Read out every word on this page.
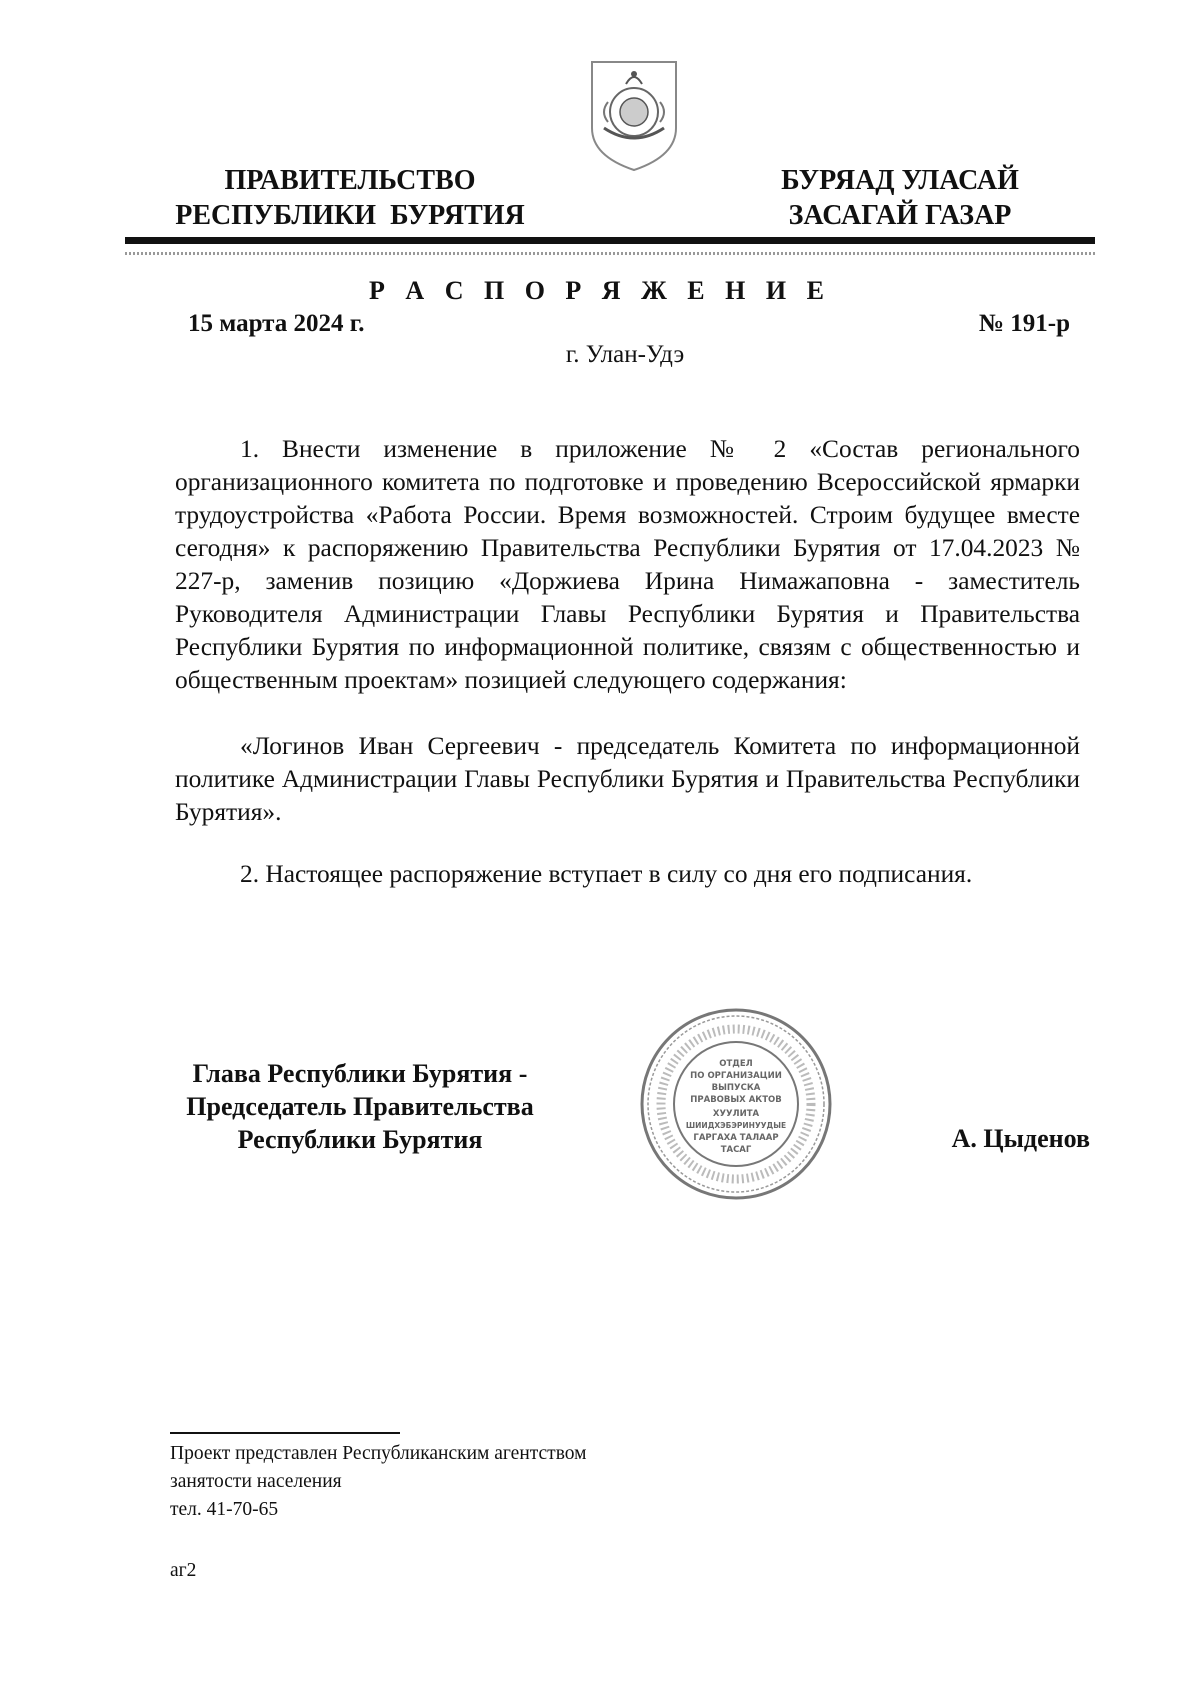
ПРАВИТЕЛЬСТВО
РЕСПУБЛИКИ  БУРЯТИЯ
БУРЯАД УЛАСАЙ
ЗАСАГАЙ ГАЗАР
Р А С П О Р Я Ж Е Н И Е
15 марта 2024 г.	№ 191-р
г. Улан-Удэ

1. Внести изменение в приложение № 2 «Состав регионального организационного комитета по подготовке и проведению Всероссийской ярмарки трудоустройства «Работа России. Время возможностей. Строим будущее вместе сегодня» к распоряжению Правительства Республики Бурятия от 17.04.2023 № 227-р, заменив позицию «Доржиева Ирина Нимажаповна - заместитель Руководителя Администрации Главы Республики Бурятия и Правительства Республики Бурятия по информационной политике, связям с общественностью и общественным проектам» позицией следующего содержания:

«Логинов Иван Сергеевич - председатель Комитета по информационной политике Администрации Главы Республики Бурятия и Правительства Республики Бурятия».

2. Настоящее распоряжение вступает в силу со дня его подписания.

Глава Республики Бурятия -
Председатель Правительства
Республики Бурятия
ОТДЕЛ
ПО ОРГАНИЗАЦИИ
ВЫПУСКА
ПРАВОВЫХ АКТОВ
ХУУЛИТА
ШИИДХЭБЭРИНУУДЫЕ
ГАРГАХА ТАЛААР
ТАСАГ	А. Цыденов
Проект представлен Республиканским агентством
занятости населения
тел. 41-70-65
аг2
